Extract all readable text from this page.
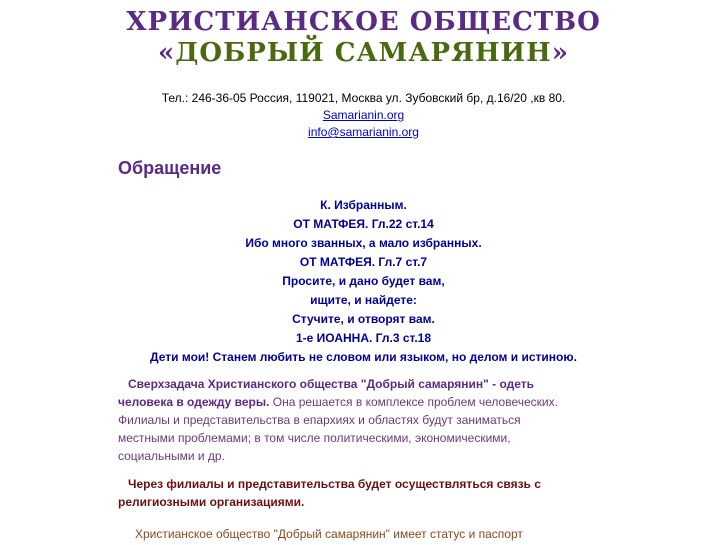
ХРИСТИАНСКОЕ ОБЩЕСТВО
«ДОБРЫЙ САМАРЯНИН»
Тел.: 246-36-05 Россия, 119021, Москва ул. Зубовский бр, д.16/20 ,кв 80.
Samarianin.org
info@samarianin.org
Обращение
К. Избранным.
ОТ МАТФЕЯ. Гл.22 ст.14
Ибо много званных, а мало избранных.
ОТ МАТФЕЯ. Гл.7 ст.7
Просите, и дано будет вам,
ищите, и найдете:
Стучите, и отворят вам.
1-е ИОАННА. Гл.3 ст.18
Дети мои! Станем любить не словом или языком, но делом и истиною.
Сверхзадача Христианского общества "Добрый самарянин" - одеть
человека в одежду веры. Она решается в комплексе проблем человеческих.
Филиалы и представительства в епархиях и областях будут заниматься
местными проблемами; в том числе политическими, экономическими,
социальными и др.
Через филиалы и представительства будет осуществляться связь с
религиозными организациями.
Христианское общество "Добрый самарянин" имеет статус и паспорт
